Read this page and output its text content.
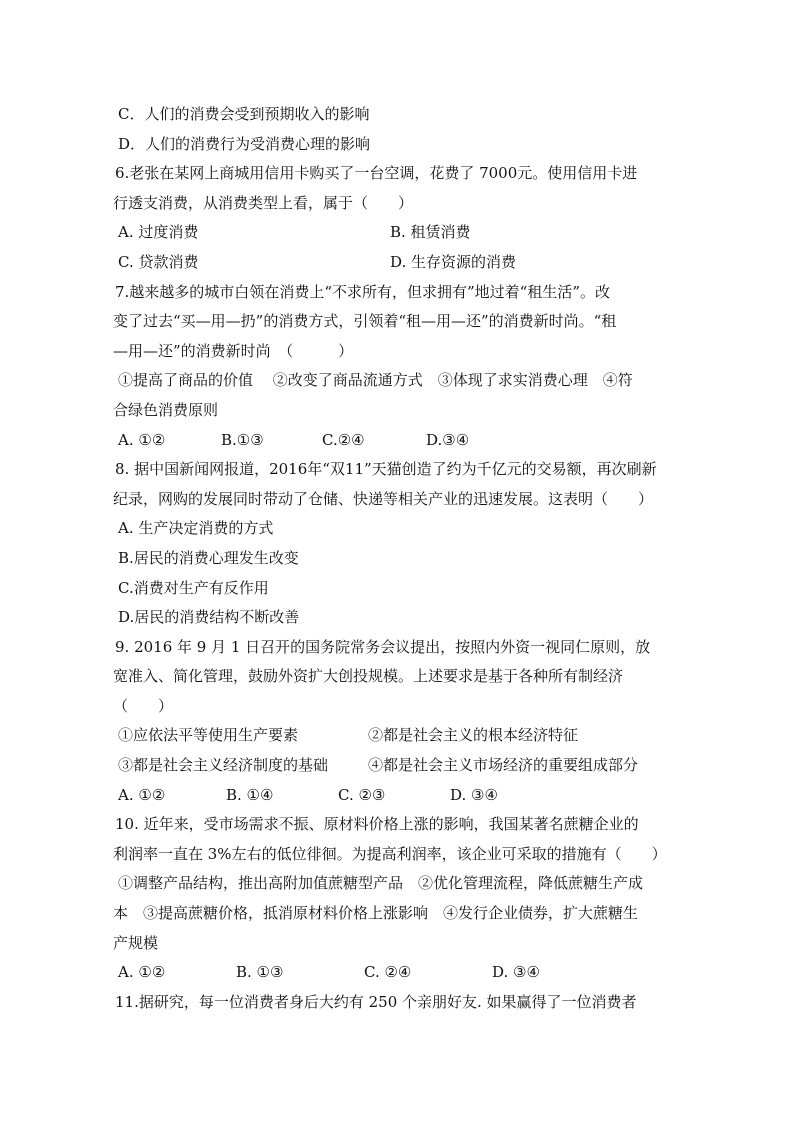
C．人们的消费会受到预期收入的影响
D．人们的消费行为受消费心理的影响
6.老张在某网上商城用信用卡购买了一台空调，花费了 7000元。使用信用卡进
行透支消费，从消费类型上看，属于（　　）
A. 过度消费	B. 租赁消费
C. 贷款消费	D. 生存资源的消费
7.越来越多的城市白领在消费上“不求所有，但求拥有”地过着“租生活”。改
变了过去“买—用—扔”的消费方式，引领着“租—用—还”的消费新时尚。“租
—用—还”的消费新时尚　（　　　）
①提高了商品的价值　 ②改变了商品流通方式　③体现了求实消费心理　④符
合绿色消费原则
A. ①②	B.①③	C.②④	D.③④
8. 据中国新闻网报道，2016年“双11”天猫创造了约为千亿元的交易额，再次刷新
纪录，网购的发展同时带动了仓储、快递等相关产业的迅速发展。这表明（　　）
A. 生产决定消费的方式
B.居民的消费心理发生改变
C.消费对生产有反作用
D.居民的消费结构不断改善
9. 2016 年 9 月 1 日召开的国务院常务会议提出，按照内外资一视同仁原则，放
宽准入、简化管理，鼓励外资扩大创投规模。上述要求是基于各种所有制经济
（　　）
①应依法平等使用生产要素	②都是社会主义的根本经济特征
③都是社会主义经济制度的基础	④都是社会主义市场经济的重要组成部分
A. ①②	B. ①④	C. ②③	D. ③④
10. 近年来，受市场需求不振、原材料价格上涨的影响，我国某著名蔗糖企业的
利润率一直在 3%左右的低位徘徊。为提高利润率，该企业可采取的措施有（　　）
①调整产品结构，推出高附加值蔗糖型产品　②优化管理流程，降低蔗糖生产成
本　③提高蔗糖价格，抵消原材料价格上涨影响　④发行企业债券，扩大蔗糖生
产规模
A. ①②	B. ①③	C. ②④	D. ③④
11.据研究，每一位消费者身后大约有 250 个亲朋好友. 如果赢得了一位消费者
